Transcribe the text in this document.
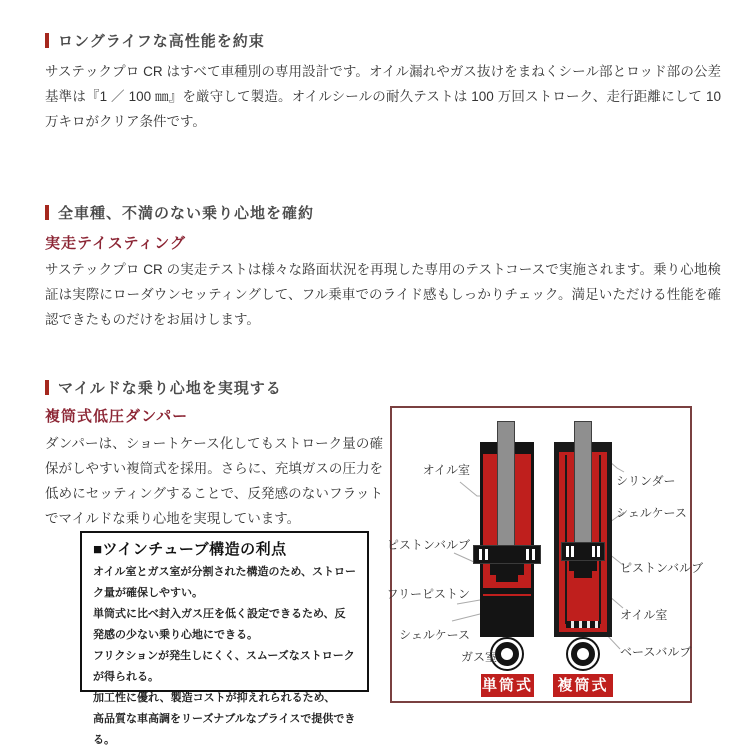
ロングライフな高性能を約束
サステックプロ CR はすべて車種別の専用設計です。オイル漏れやガス抜けをまねくシール部とロッド部の公差基準は『1 ／ 100 ㎜』を厳守して製造。オイルシールの耐久テストは 100 万回ストローク、走行距離にして 10 万キロがクリア条件です。
全車種、不満のない乗り心地を確約
実走テイスティング
サステックプロ CR の実走テストは様々な路面状況を再現した専用のテストコースで実施されます。乗り心地検証は実際にローダウンセッティングして、フル乗車でのライド感もしっかりチェック。満足いただける性能を確認できたものだけをお届けします。
マイルドな乗り心地を実現する
複筒式低圧ダンパー
ダンパーは、ショートケース化してもストローク量の確保がしやすい複筒式を採用。さらに、充填ガスの圧力を低めにセッティングすることで、反発感のないフラットでマイルドな乗り心地を実現しています。
■ツインチューブ構造の利点
オイル室とガス室が分割された構造のため、ストローク量が確保しやすい。
単筒式に比べ封入ガス圧を低く設定できるため、反発感の少ない乗り心地にできる。
フリクションが発生しにくく、スムーズなストロークが得られる。
加工性に優れ、製造コストが抑えれられるため、
高品質な車高調をリーズナブルなプライスで提供できる。
オイル室
ピストンバルブ
フリーピストン
シェルケース
ガス室
シリンダー
シェルケース
ピストンバルブ
オイル室
ベースバルブ
単筒式 複筒式
